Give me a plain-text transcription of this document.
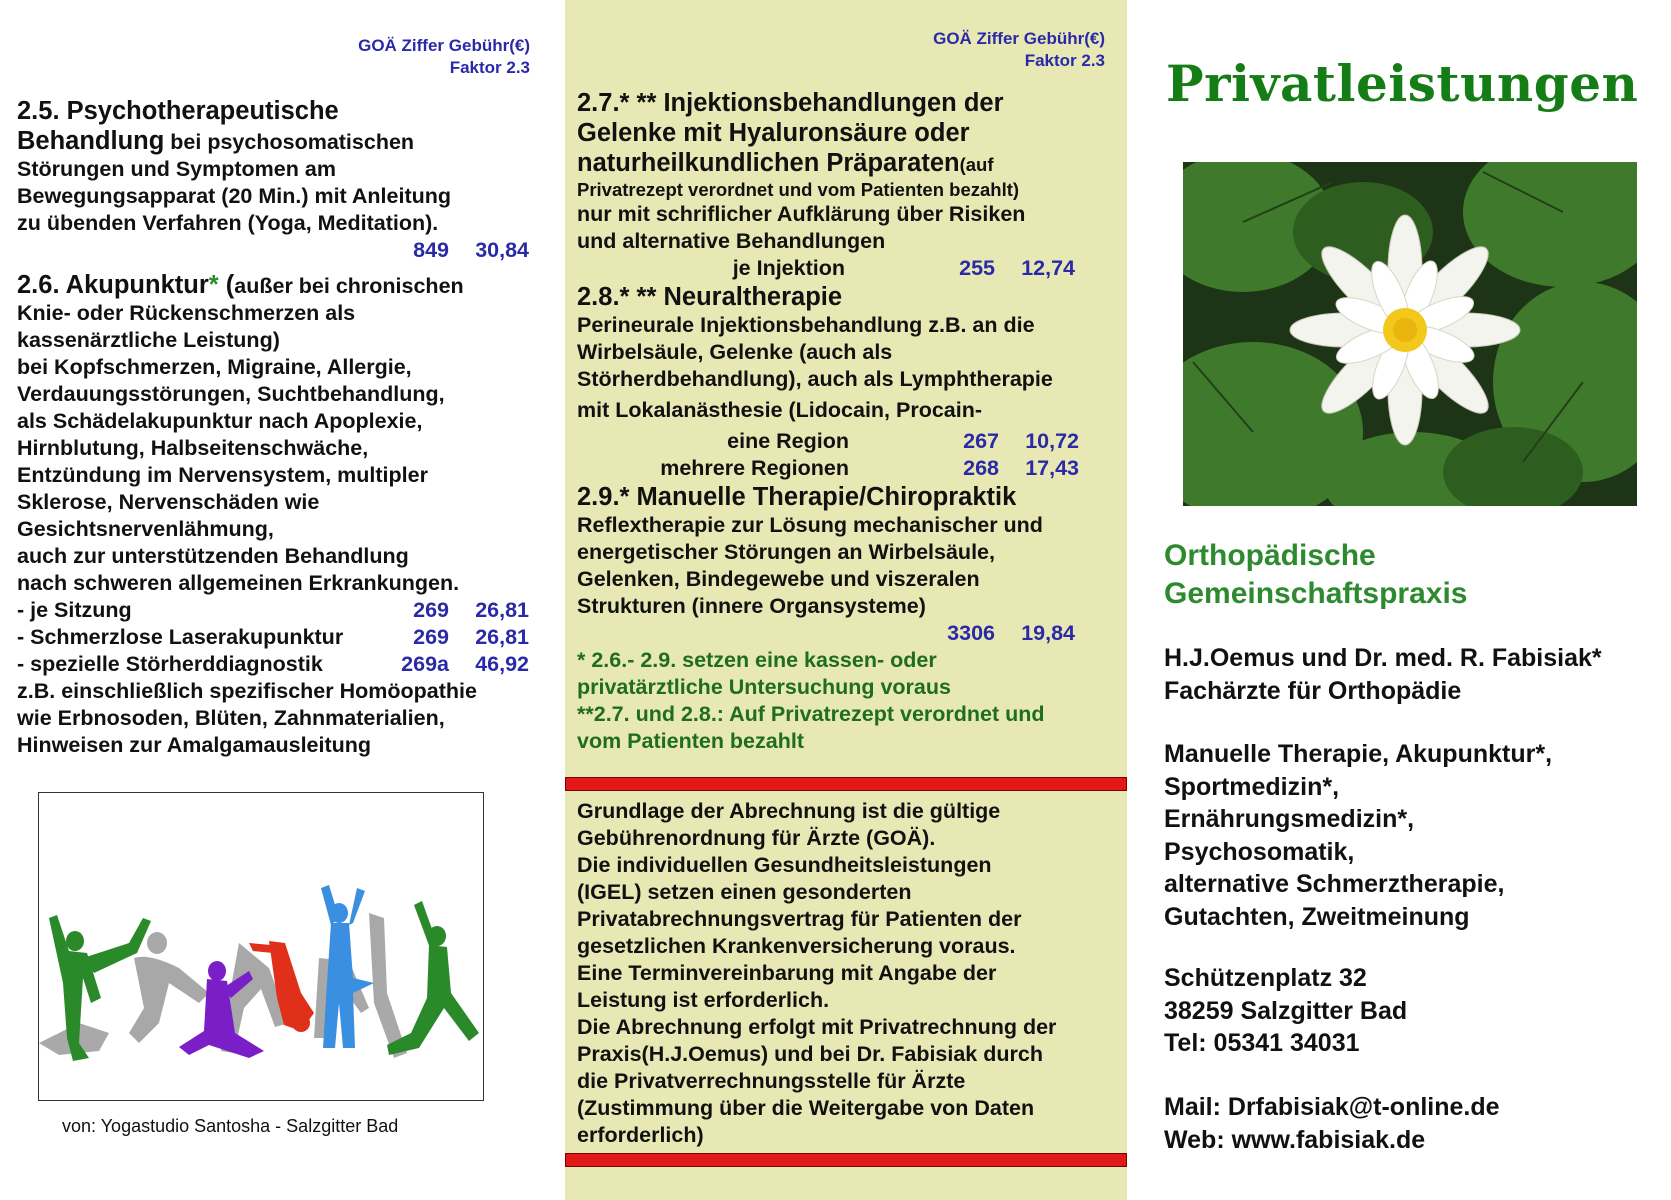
GOÄ Ziffer Gebühr(€)
Faktor 2.3

2.5. Psychotherapeutische

Behandlung bei psychosomatischen

Störungen und Symptomen am

Bewegungsapparat (20 Min.) mit Anleitung

zu übenden Verfahren (Yoga, Meditation).

849	30,84

2.6. Akupunktur* (außer bei chronischen

Knie- oder Rückenschmerzen als

kassenärztliche Leistung)

bei Kopfschmerzen, Migraine, Allergie,

Verdauungsstörungen, Suchtbehandlung,

als Schädelakupunktur nach Apoplexie,

Hirnblutung, Halbseitenschwäche,

Entzündung im Nervensystem, multipler

Sklerose, Nervenschäden wie

Gesichtsnervenlähmung,

auch zur unterstützenden Behandlung

nach schweren allgemeinen Erkrankungen.

- je Sitzung	269	26,81
- Schmerzlose Laserakupunktur	269	26,81
- spezielle Störherddiagnostik	269a	46,92

z.B. einschließlich spezifischer Homöopathie

wie Erbnosoden, Blüten, Zahnmaterialien,

Hinweisen zur Amalgamausleitung

von: Yogastudio Santosha - Salzgitter Bad
GOÄ Ziffer Gebühr(€)
Faktor 2.3

2.7.* ** Injektionsbehandlungen der

Gelenke mit Hyaluronsäure oder

naturheilkundlichen Präparaten(auf

Privatrezept verordnet und vom Patienten bezahlt)

nur mit schriflicher Aufklärung über Risiken

und alternative Behandlungen

je Injektion	255	12,74

2.8.* ** Neuraltherapie

Perineurale Injektionsbehandlung z.B. an die

Wirbelsäule, Gelenke (auch als

Störherdbehandlung), auch als Lymphtherapie

mit Lokalanästhesie (Lidocain, Procain-

eine Region	267	10,72
mehrere Regionen	268	17,43

2.9.* Manuelle Therapie/Chiropraktik

Reflextherapie zur Lösung mechanischer und

energetischer Störungen an Wirbelsäule,

Gelenken, Bindegewebe und viszeralen

Strukturen (innere Organsysteme)

3306	19,84

* 2.6.- 2.9. setzen eine kassen- oder

privatärztliche Untersuchung voraus

**2.7. und 2.8.: Auf Privatrezept verordnet und

vom Patienten bezahlt

Grundlage der Abrechnung ist die gültige

Gebührenordnung für Ärzte (GOÄ).

Die individuellen Gesundheitsleistungen

(IGEL) setzen einen gesonderten

Privatabrechnungsvertrag für Patienten der

gesetzlichen Krankenversicherung voraus.

Eine Terminvereinbarung mit Angabe der

Leistung ist erforderlich.

Die Abrechnung erfolgt mit Privatrechnung der

Praxis(H.J.Oemus) und bei Dr. Fabisiak durch

die Privatverrechnungsstelle für Ärzte

(Zustimmung über die Weitergabe von Daten

erforderlich)

Privatleistungen
Orthopädische
Gemeinschaftspraxis
H.J.Oemus und Dr. med. R. Fabisiak*
Fachärzte für Orthopädie
Manuelle Therapie, Akupunktur*,
Sportmedizin*,
Ernährungsmedizin*,
Psychosomatik,
alternative Schmerztherapie,
Gutachten, Zweitmeinung
Schützenplatz 32
38259 Salzgitter Bad
Tel: 05341 34031
Mail: Drfabisiak@t-online.de
Web: www.fabisiak.de
